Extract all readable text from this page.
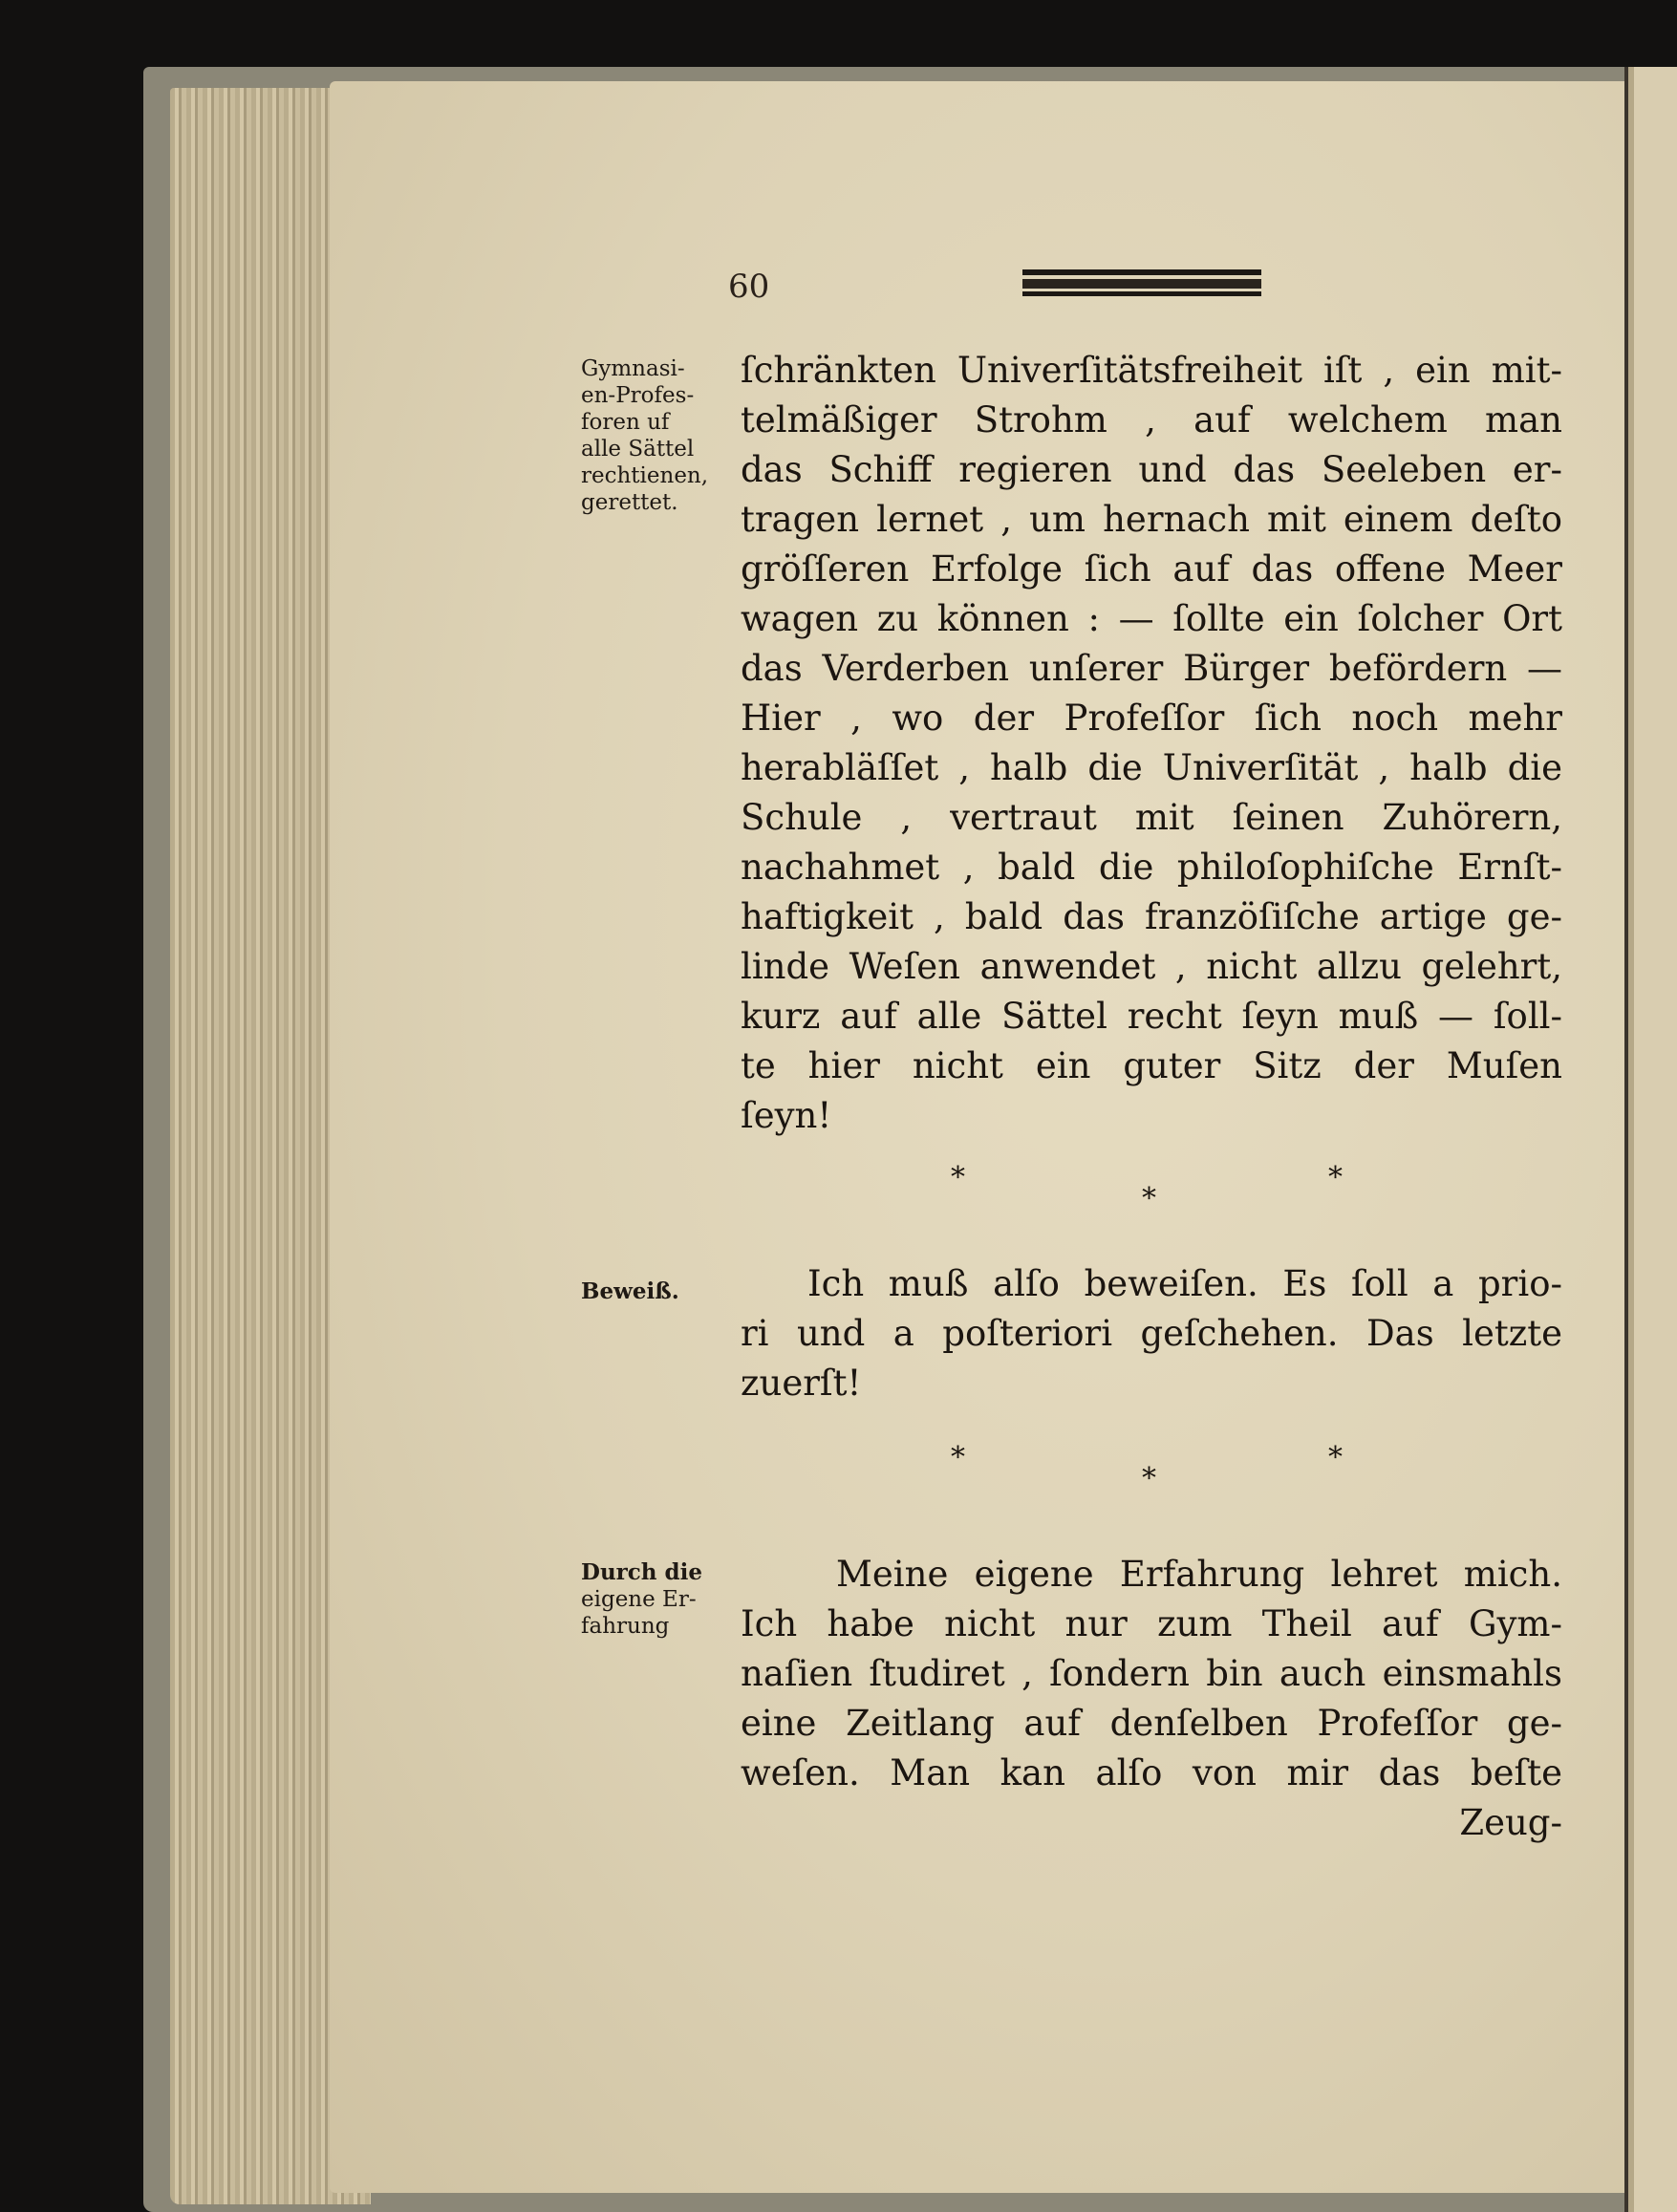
60
Gymnasi-
en-Profes-
foren uf
alle Sättel
rechtienen,
gerettet.
ſchränkten Univerſitätsfreiheit iſt , ein mit-
telmäßiger Strohm , auf welchem man
das Schiff regieren und das Seeleben er-
tragen lernet , um hernach mit einem deſto
gröſſeren Erfolge ſich auf das offene Meer
wagen zu können : — ſollte ein ſolcher Ort
das Verderben unſerer Bürger befördern —
Hier , wo der Profeſſor ſich noch mehr
herabläſſet , halb die Univerſität , halb die
Schule , vertraut mit ſeinen Zuhörern,
nachahmet , bald die philoſophiſche Ernſt-
haftigkeit , bald das franzöſiſche artige ge-
linde Weſen anwendet , nicht allzu gelehrt,
kurz auf alle Sättel recht ſeyn muß — ſoll-
te hier nicht ein guter Sitz der Muſen
ſeyn!
*
*
*
Beweiß.	Ich muß alſo beweiſen. Es ſoll a prio-
ri und a poſteriori geſchehen. Das letzte
zuerſt!
*
*
*
Durch die
eigene Er-
fahrung
Meine eigene Erfahrung lehret mich.
Ich habe nicht nur zum Theil auf Gym-
naſien ſtudiret , ſondern bin auch einsmahls
eine Zeitlang auf denſelben Profeſſor ge-
weſen. Man kan alſo von mir das beſte
Zeug-
